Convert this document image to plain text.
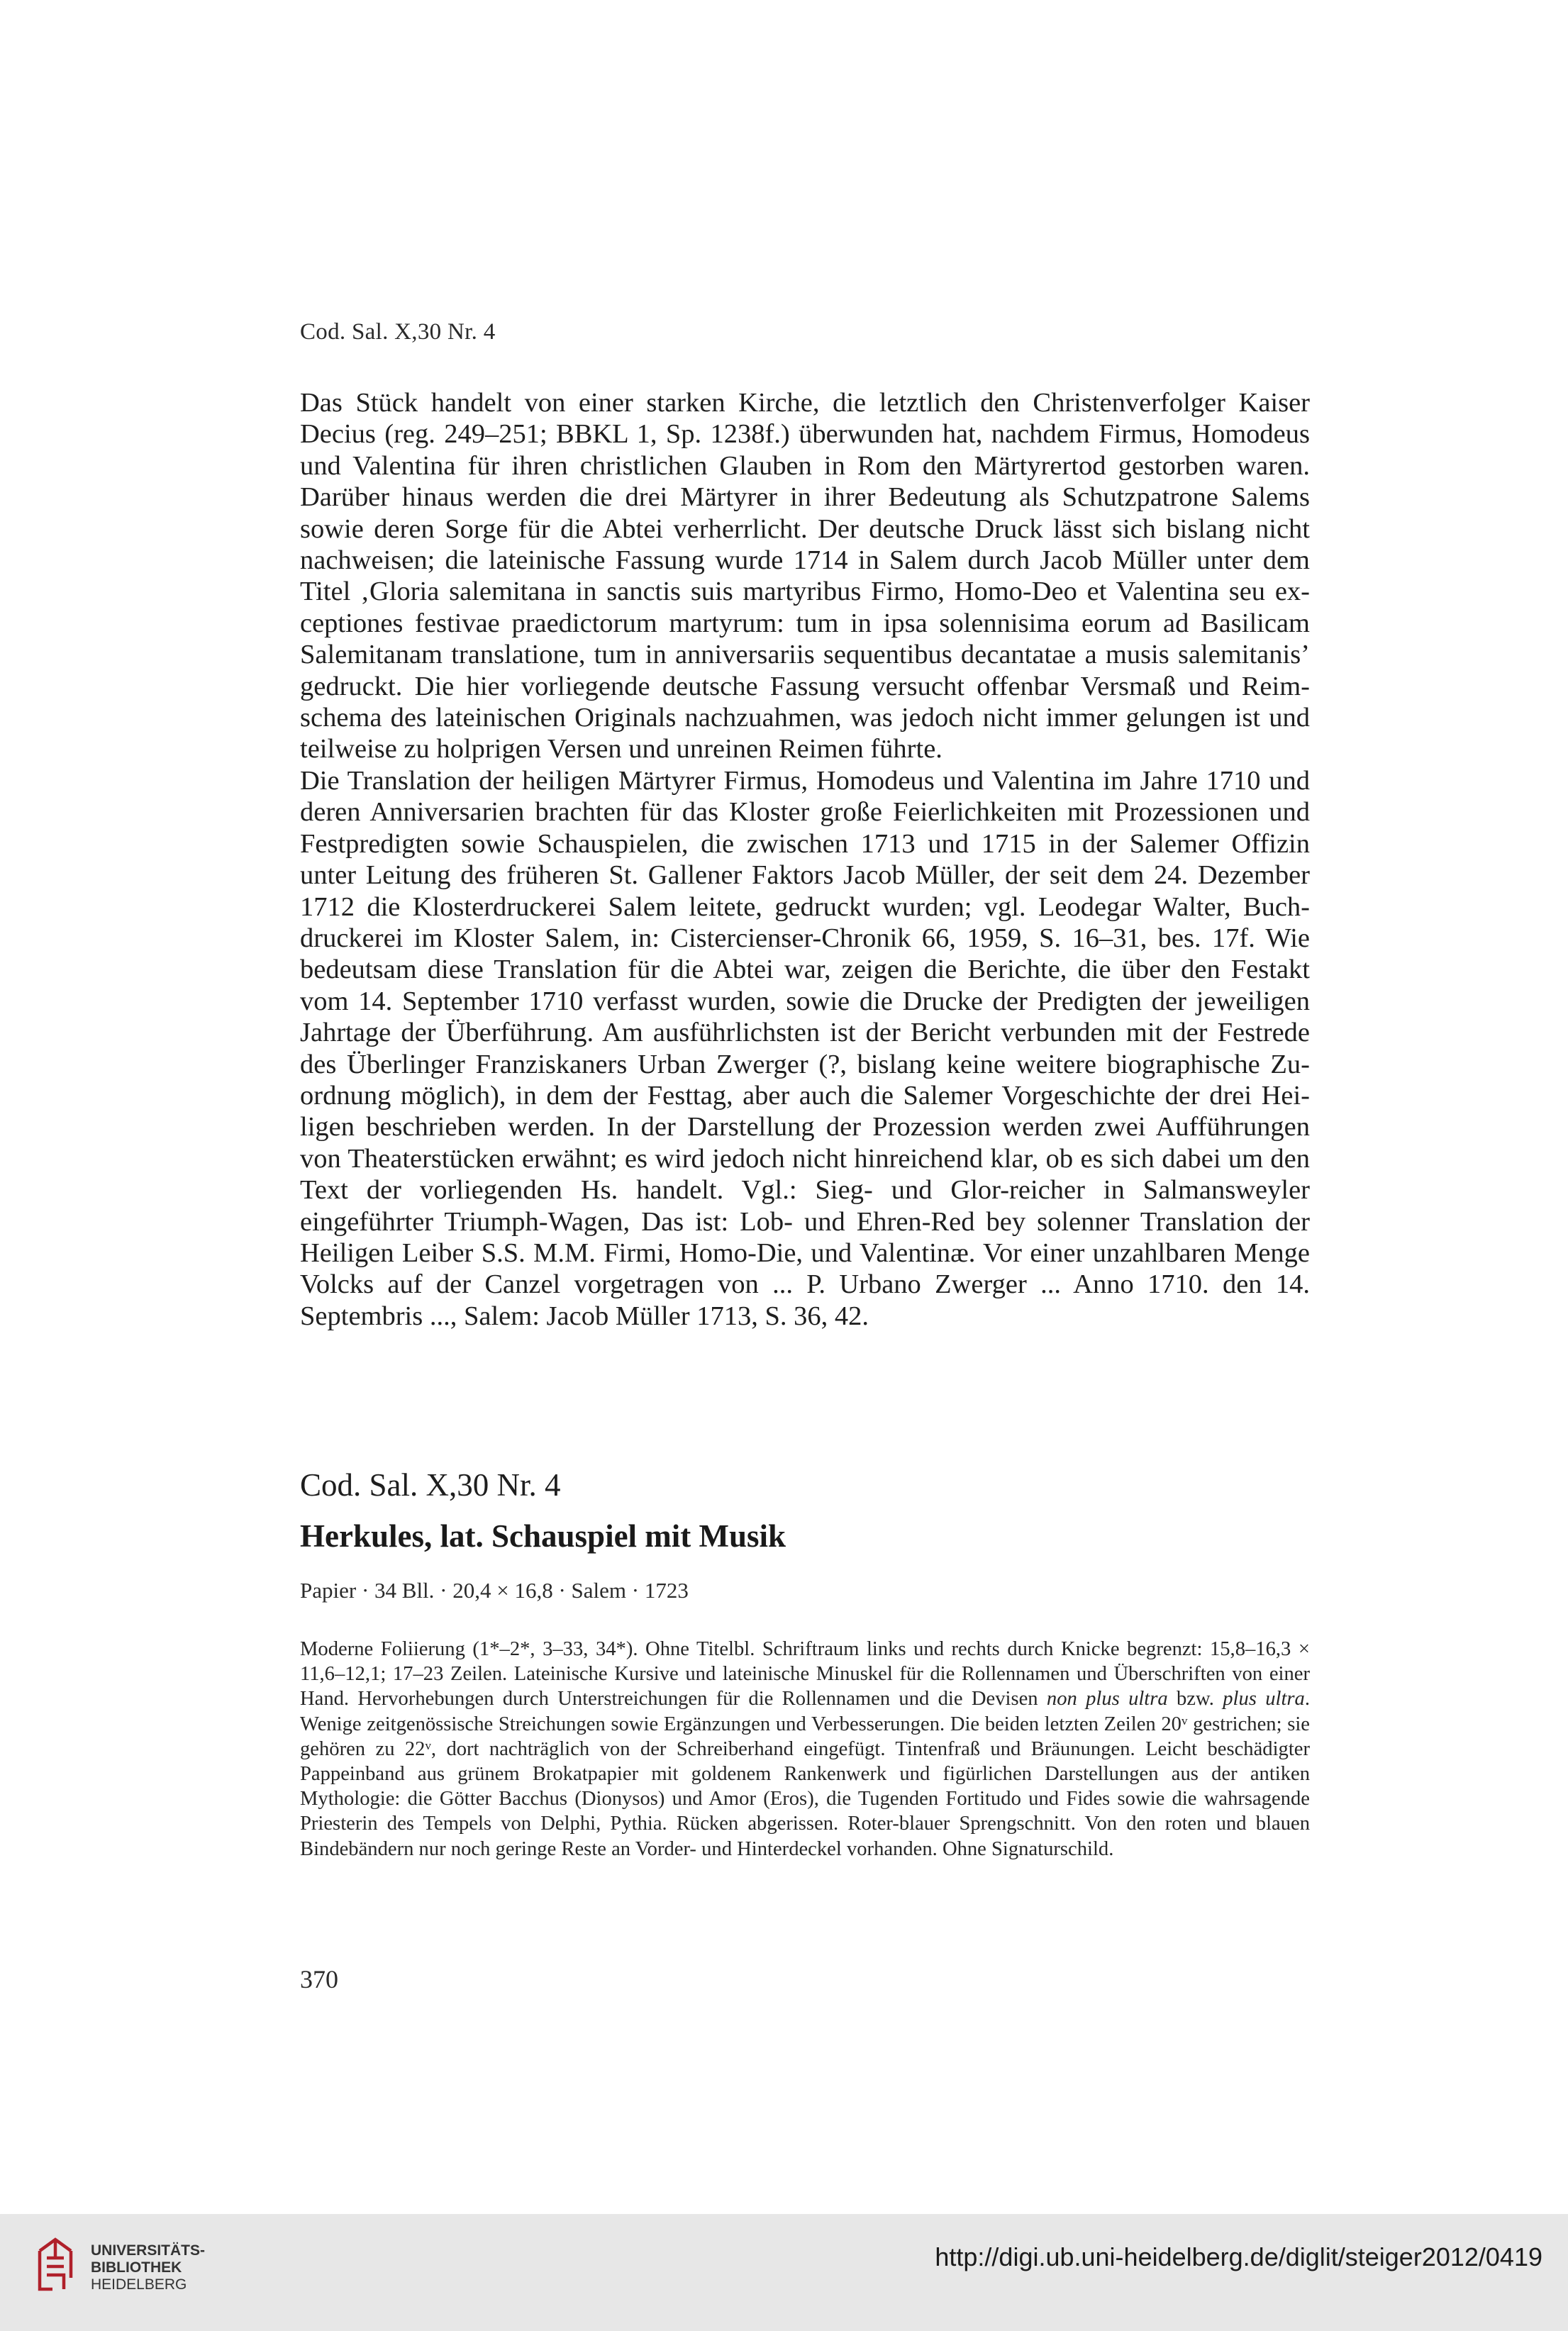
Cod. Sal. X,30 Nr. 4

Das Stück handelt von einer starken Kirche, die letztlich den Christenverfolger Kaiser Decius (reg. 249–251; BBKL 1, Sp. 1238f.) überwunden hat, nachdem Firmus, Homodeus und Valentina für ihren christlichen Glauben in Rom den Märtyrertod gestorben waren. Darüber hinaus werden die drei Märtyrer in ihrer Bedeutung als Schutzpatrone Salems sowie deren Sorge für die Abtei verherrlicht. Der deutsche Druck lässt sich bislang nicht nachweisen; die lateinische Fassung wurde 1714 in Salem durch Jacob Müller unter dem Titel ‚Gloria salemitana in sanctis suis martyribus Firmo, Homo-Deo et Valentina seu exceptiones festivae praedictorum martyrum: tum in ipsa solennisima eorum ad Basilicam Salemitanam translatione, tum in anniversariis sequentibus decantatae a musis salemitanis’ gedruckt. Die hier vorliegende deutsche Fassung versucht offenbar Versmaß und Reimschema des lateinischen Originals nachzuahmen, was jedoch nicht immer gelungen ist und teilweise zu holprigen Versen und unreinen Reimen führte.

Die Translation der heiligen Märtyrer Firmus, Homodeus und Valentina im Jahre 1710 und deren Anniversarien brachten für das Kloster große Feierlichkeiten mit Prozessionen und Festpredigten sowie Schauspielen, die zwischen 1713 und 1715 in der Salemer Offizin unter Leitung des früheren St. Gallener Faktors Jacob Müller, der seit dem 24. Dezember 1712 die Klosterdruckerei Salem leitete, gedruckt wurden; vgl. Leodegar Walter, Buchdruckerei im Kloster Salem, in: Cistercienser-Chronik 66, 1959, S. 16–31, bes. 17f. Wie bedeutsam diese Translation für die Abtei war, zeigen die Berichte, die über den Festakt vom 14. September 1710 verfasst wurden, sowie die Drucke der Predigten der jeweiligen Jahrtage der Überführung. Am ausführlichsten ist der Bericht verbunden mit der Festrede des Überlinger Franziskaners Urban Zwerger (?, bislang keine weitere biographische Zuordnung möglich), in dem der Festtag, aber auch die Salemer Vorgeschichte der drei Heiligen beschrieben werden. In der Darstellung der Prozession werden zwei Aufführungen von Theaterstücken erwähnt; es wird jedoch nicht hinreichend klar, ob es sich dabei um den Text der vorliegenden Hs. handelt. Vgl.: Sieg- und Glor-reicher in Salmansweyler eingeführter Triumph-Wagen, Das ist: Lob- und Ehren-Red bey solenner Translation der Heiligen Leiber S.S. M.M. Firmi, Homo-Die, und Valentinæ. Vor einer unzahlbaren Menge Volcks auf der Canzel vorgetragen von ... P. Urbano Zwerger ... Anno 1710. den 14. Septembris ..., Salem: Jacob Müller 1713, S. 36, 42.

Cod. Sal. X,30 Nr. 4
Herkules, lat. Schauspiel mit Musik
Papier · 34 Bll. · 20,4 × 16,8 · Salem · 1723

Moderne Foliierung (1*–2*, 3–33, 34*). Ohne Titelbl. Schriftraum links und rechts durch Knicke begrenzt: 15,8–16,3 × 11,6–12,1; 17–23 Zeilen. Lateinische Kursive und lateinische Minuskel für die Rollennamen und Überschriften von einer Hand. Hervorhebungen durch Unterstreichungen für die Rollennamen und die Devisen non plus ultra bzw. plus ultra. Wenige zeitgenössische Streichungen sowie Ergänzungen und Verbesserungen. Die beiden letzten Zeilen 20ᵛ gestrichen; sie gehören zu 22ᵛ, dort nachträglich von der Schreiberhand eingefügt. Tintenfraß und Bräunungen. Leicht beschädigter Pappeinband aus grünem Brokatpapier mit goldenem Rankenwerk und figürlichen Darstellungen aus der antiken Mythologie: die Götter Bacchus (Dionysos) und Amor (Eros), die Tugenden Fortitudo und Fides sowie die wahrsagende Priesterin des Tempels von Delphi, Pythia. Rücken abgerissen. Roter-blauer Sprengschnitt. Von den roten und blauen Bindebändern nur noch geringe Reste an Vorder- und Hinterdeckel vorhanden. Ohne Signaturschild.

370
UNIVERSITÄTS-
BIBLIOTHEK
HEIDELBERG
http://digi.ub.uni-heidelberg.de/diglit/steiger2012/0419
